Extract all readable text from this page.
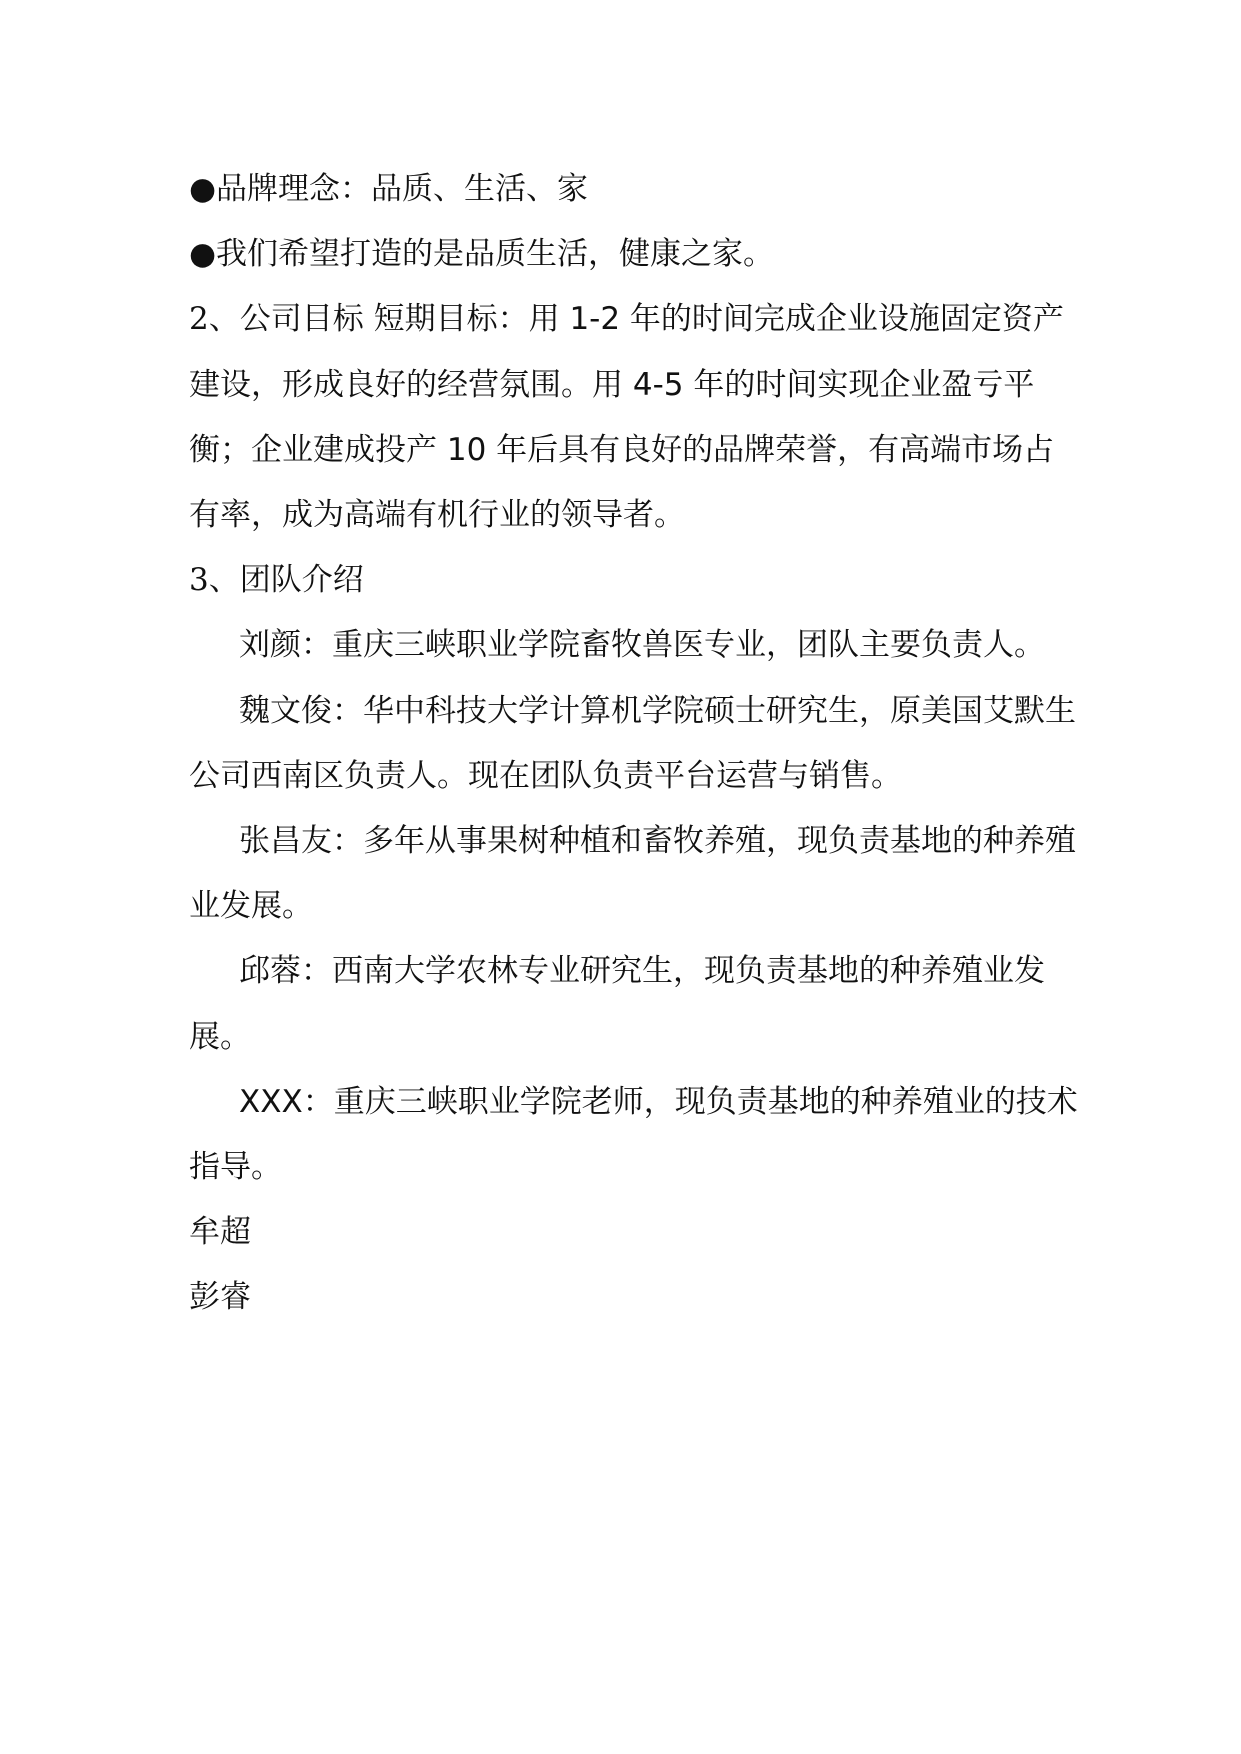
●品牌理念：品质、生活、家

●我们希望打造的是品质生活，健康之家。

2、公司目标 短期目标：用 1-2 年的时间完成企业设施固定资产建设，形成良好的经营氛围。用 4-5 年的时间实现企业盈亏平衡；企业建成投产 10 年后具有良好的品牌荣誉，有高端市场占有率，成为高端有机行业的领导者。

3、团队介绍

刘颜：重庆三峡职业学院畜牧兽医专业，团队主要负责人。

魏文俊：华中科技大学计算机学院硕士研究生，原美国艾默生公司西南区负责人。现在团队负责平台运营与销售。

张昌友：多年从事果树种植和畜牧养殖，现负责基地的种养殖业发展。

邱蓉：西南大学农林专业研究生，现负责基地的种养殖业发展。

XXX：重庆三峡职业学院老师，现负责基地的种养殖业的技术指导。

牟超

彭睿
